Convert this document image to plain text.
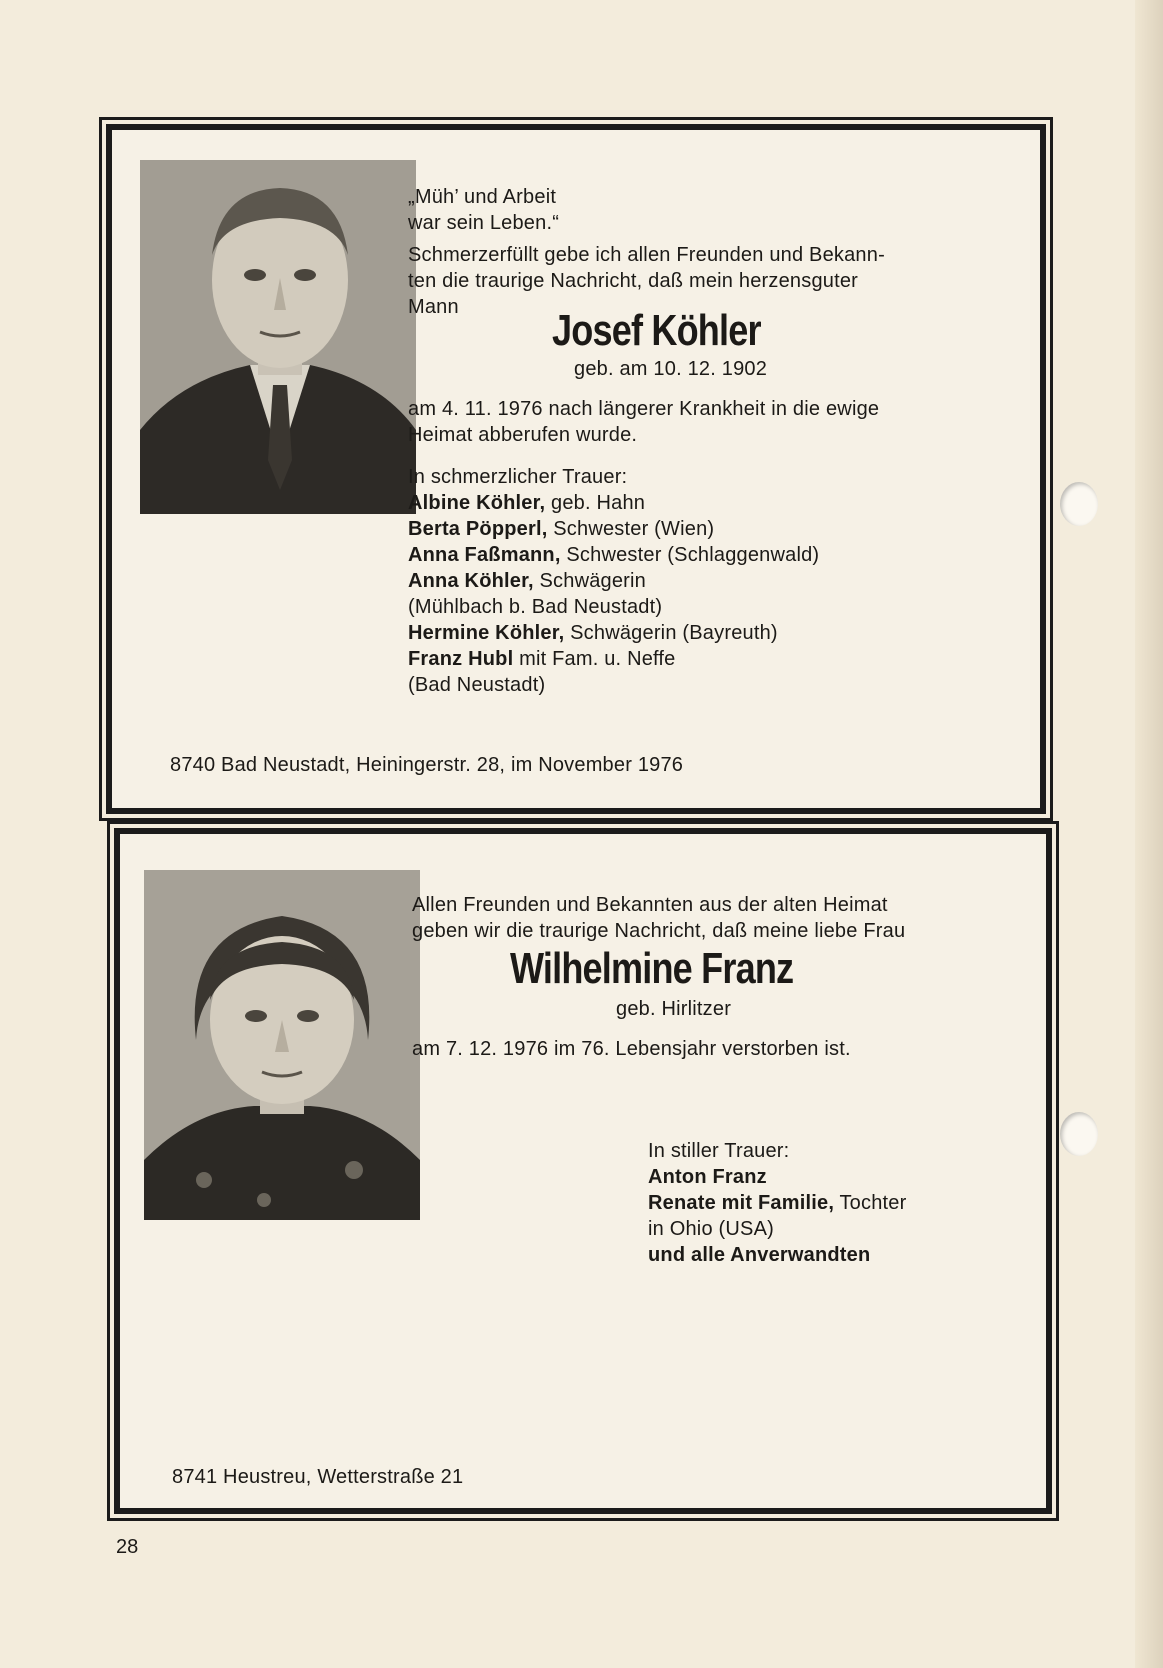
„Müh’ und Arbeit
war sein Leben.“
Schmerzerfüllt gebe ich allen Freunden und Bekann-
ten die traurige Nachricht, daß mein herzensguter
Mann Josef Köhler
geb. am 10. 12. 1902
am 4. 11. 1976 nach längerer Krankheit in die ewige
Heimat abberufen wurde.
In schmerzlicher Trauer:
Albine Köhler, geb. Hahn
Berta Pöpperl, Schwester (Wien)
Anna Faßmann, Schwester (Schlaggenwald)
Anna Köhler, Schwägerin
(Mühlbach b. Bad Neustadt)
Hermine Köhler, Schwägerin (Bayreuth)
Franz Hubl mit Fam. u. Neffe
(Bad Neustadt)
8740 Bad Neustadt, Heiningerstr. 28, im November 1976
Allen Freunden und Bekannten aus der alten Heimat
geben wir die traurige Nachricht, daß meine liebe Frau
Wilhelmine Franz
geb. Hirlitzer
am 7. 12. 1976 im 76. Lebensjahr verstorben ist.
In stiller Trauer:
Anton Franz
Renate mit Familie, Tochter
in Ohio (USA)
und alle Anverwandten
8741 Heustreu, Wetterstraße 21
28
